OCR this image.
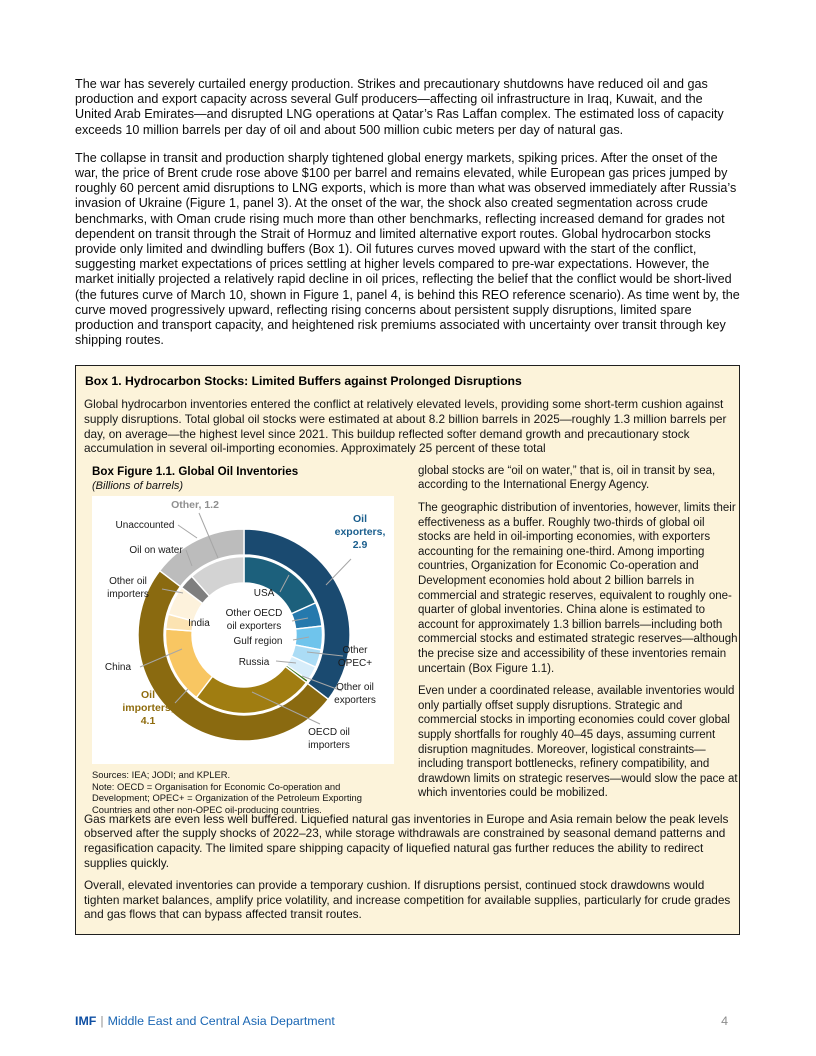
The war has severely curtailed energy production. Strikes and precautionary shutdowns have reduced oil and gas production and export capacity across several Gulf producers—affecting oil infrastructure in Iraq, Kuwait, and the United Arab Emirates—and disrupted LNG operations at Qatar’s Ras Laffan complex. The estimated loss of capacity exceeds 10 million barrels per day of oil and about 500 million cubic meters per day of natural gas.

The collapse in transit and production sharply tightened global energy markets, spiking prices. After the onset of the war, the price of Brent crude rose above $100 per barrel and remains elevated, while European gas prices jumped by roughly 60 percent amid disruptions to LNG exports, which is more than what was observed immediately after Russia’s invasion of Ukraine (Figure 1, panel 3). At the onset of the war, the shock also created segmentation across crude benchmarks, with Oman crude rising much more than other benchmarks, reflecting increased demand for grades not dependent on transit through the Strait of Hormuz and limited alternative export routes. Global hydrocarbon stocks provide only limited and dwindling buffers (Box 1). Oil futures curves moved upward with the start of the conflict, suggesting market expectations of prices settling at higher levels compared to pre-war expectations. However, the market initially projected a relatively rapid decline in oil prices, reflecting the belief that the conflict would be short-lived (the futures curve of March 10, shown in Figure 1, panel 4, is behind this REO reference scenario). As time went by, the curve moved progressively upward, reflecting rising concerns about persistent supply disruptions, limited spare production and transport capacity, and heightened risk premiums associated with uncertainty over transit through key shipping routes.

Box 1. Hydrocarbon Stocks: Limited Buffers against Prolonged Disruptions

Global hydrocarbon inventories entered the conflict at relatively elevated levels, providing some short-term cushion against supply disruptions. Total global oil stocks were estimated at about 8.2 billion barrels in 2025—roughly 1.3 million barrels per day, on average—the highest level since 2021. This buildup reflected softer demand growth and precautionary stock accumulation in several oil-importing economies. Approximately 25 percent of these total

Box Figure 1.1. Global Oil Inventories
(Billions of barrels)
Other, 1.2
Unaccounted
Oil on water
Other oil importers
India
China
Oil importers, 4.1
OECD oil importers
USA
Other OECD oil exporters
Gulf region
Russia
Oil exporters, 2.9
Other OPEC+
Other oil exporters
Sources: IEA; JODI; and KPLER.
Note: OECD = Organisation for Economic Co-operation and Development; OPEC+ = Organization of the Petroleum Exporting Countries and other non-OPEC oil-producing countries.

global stocks are “oil on water,” that is, oil in transit by sea, according to the International Energy Agency.

The geographic distribution of inventories, however, limits their effectiveness as a buffer. Roughly two-thirds of global oil stocks are held in oil-importing economies, with exporters accounting for the remaining one-third. Among importing countries, Organization for Economic Co-operation and Development economies hold about 2 billion barrels in commercial and strategic reserves, equivalent to roughly one-quarter of global inventories. China alone is estimated to account for approximately 1.3 billion barrels—including both commercial stocks and estimated strategic reserves—although the precise size and accessibility of these inventories remain uncertain (Box Figure 1.1).

Even under a coordinated release, available inventories would only partially offset supply disruptions. Strategic and commercial stocks in importing economies could cover global supply shortfalls for roughly 40–45 days, assuming current disruption magnitudes. Moreover, logistical constraints—including transport bottlenecks, refinery compatibility, and drawdown limits on strategic reserves—would slow the pace at which inventories could be mobilized.

Gas markets are even less well buffered. Liquefied natural gas inventories in Europe and Asia remain below the peak levels observed after the supply shocks of 2022–23, while storage withdrawals are constrained by seasonal demand patterns and regasification capacity. The limited spare shipping capacity of liquefied natural gas further reduces the ability to redirect supplies quickly.

Overall, elevated inventories can provide a temporary cushion. If disruptions persist, continued stock drawdowns would tighten market balances, amplify price volatility, and increase competition for available supplies, particularly for crude grades and gas flows that can bypass affected transit routes.

IMF | Middle East and Central Asia Department	4
